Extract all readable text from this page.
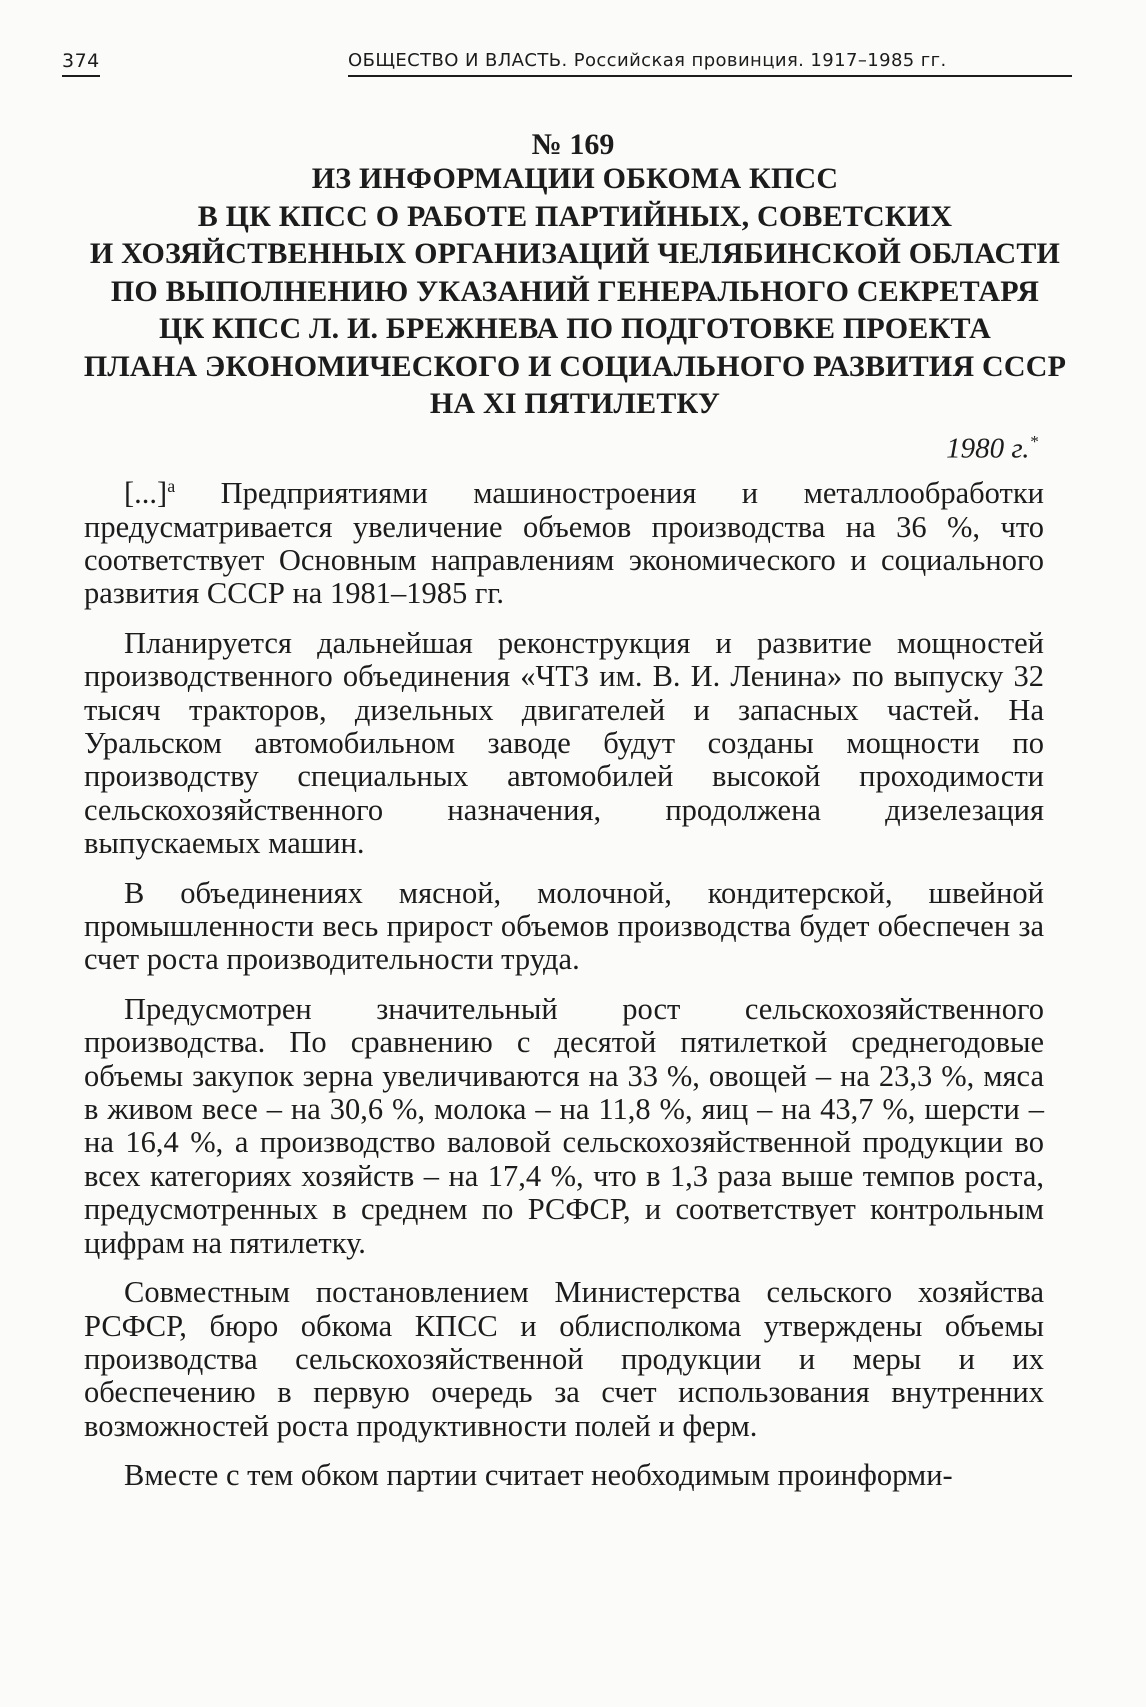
374	ОБЩЕСТВО И ВЛАСТЬ. Российская провинция. 1917–1985 гг.
№ 169
ИЗ ИНФОРМАЦИИ ОБКОМА КПСС
В ЦК КПСС О РАБОТЕ ПАРТИЙНЫХ, СОВЕТСКИХ
И ХОЗЯЙСТВЕННЫХ ОРГАНИЗАЦИЙ ЧЕЛЯБИНСКОЙ ОБЛАСТИ
ПО ВЫПОЛНЕНИЮ УКАЗАНИЙ ГЕНЕРАЛЬНОГО СЕКРЕТАРЯ
ЦК КПСС Л. И. БРЕЖНЕВА ПО ПОДГОТОВКЕ ПРОЕКТА
ПЛАНА ЭКОНОМИЧЕСКОГО И СОЦИАЛЬНОГО РАЗВИТИЯ СССР
НА XI ПЯТИЛЕТКУ
1980 г.*

[...]$^а$ Предприятиями машиностроения и металлообработки предусматривается увеличение объемов производства на 36 %, что соответствует Основным направлениям экономического и социального развития СССР на 1981–1985 гг.

Планируется дальнейшая реконструкция и развитие мощностей производственного объединения «ЧТЗ им. В. И. Ленина» по выпуску 32 тысяч тракторов, дизельных двигателей и запасных частей. На Уральском автомобильном заводе будут созданы мощности по производству специальных автомобилей высокой проходимости сельскохозяйственного назначения, продолжена дизелезация выпускаемых машин.

В объединениях мясной, молочной, кондитерской, швейной промышленности весь прирост объемов производства будет обеспечен за счет роста производительности труда.

Предусмотрен значительный рост сельскохозяйственного производства. По сравнению с десятой пятилеткой среднегодовые объемы закупок зерна увеличиваются на 33 %, овощей – на 23,3 %, мяса в живом весе – на 30,6 %, молока – на 11,8 %, яиц – на 43,7 %, шерсти – на 16,4 %, а производство валовой сельскохозяйственной продукции во всех категориях хозяйств – на 17,4 %, что в 1,3 раза выше темпов роста, предусмотренных в среднем по РСФСР, и соответствует контрольным цифрам на пятилетку.

Совместным постановлением Министерства сельского хозяйства РСФСР, бюро обкома КПСС и облисполкома утверждены объемы производства сельскохозяйственной продукции и меры и их обеспечению в первую очередь за счет использования внутренних возможностей роста продуктивности полей и ферм.

Вместе с тем обком партии считает необходимым проинформи-
